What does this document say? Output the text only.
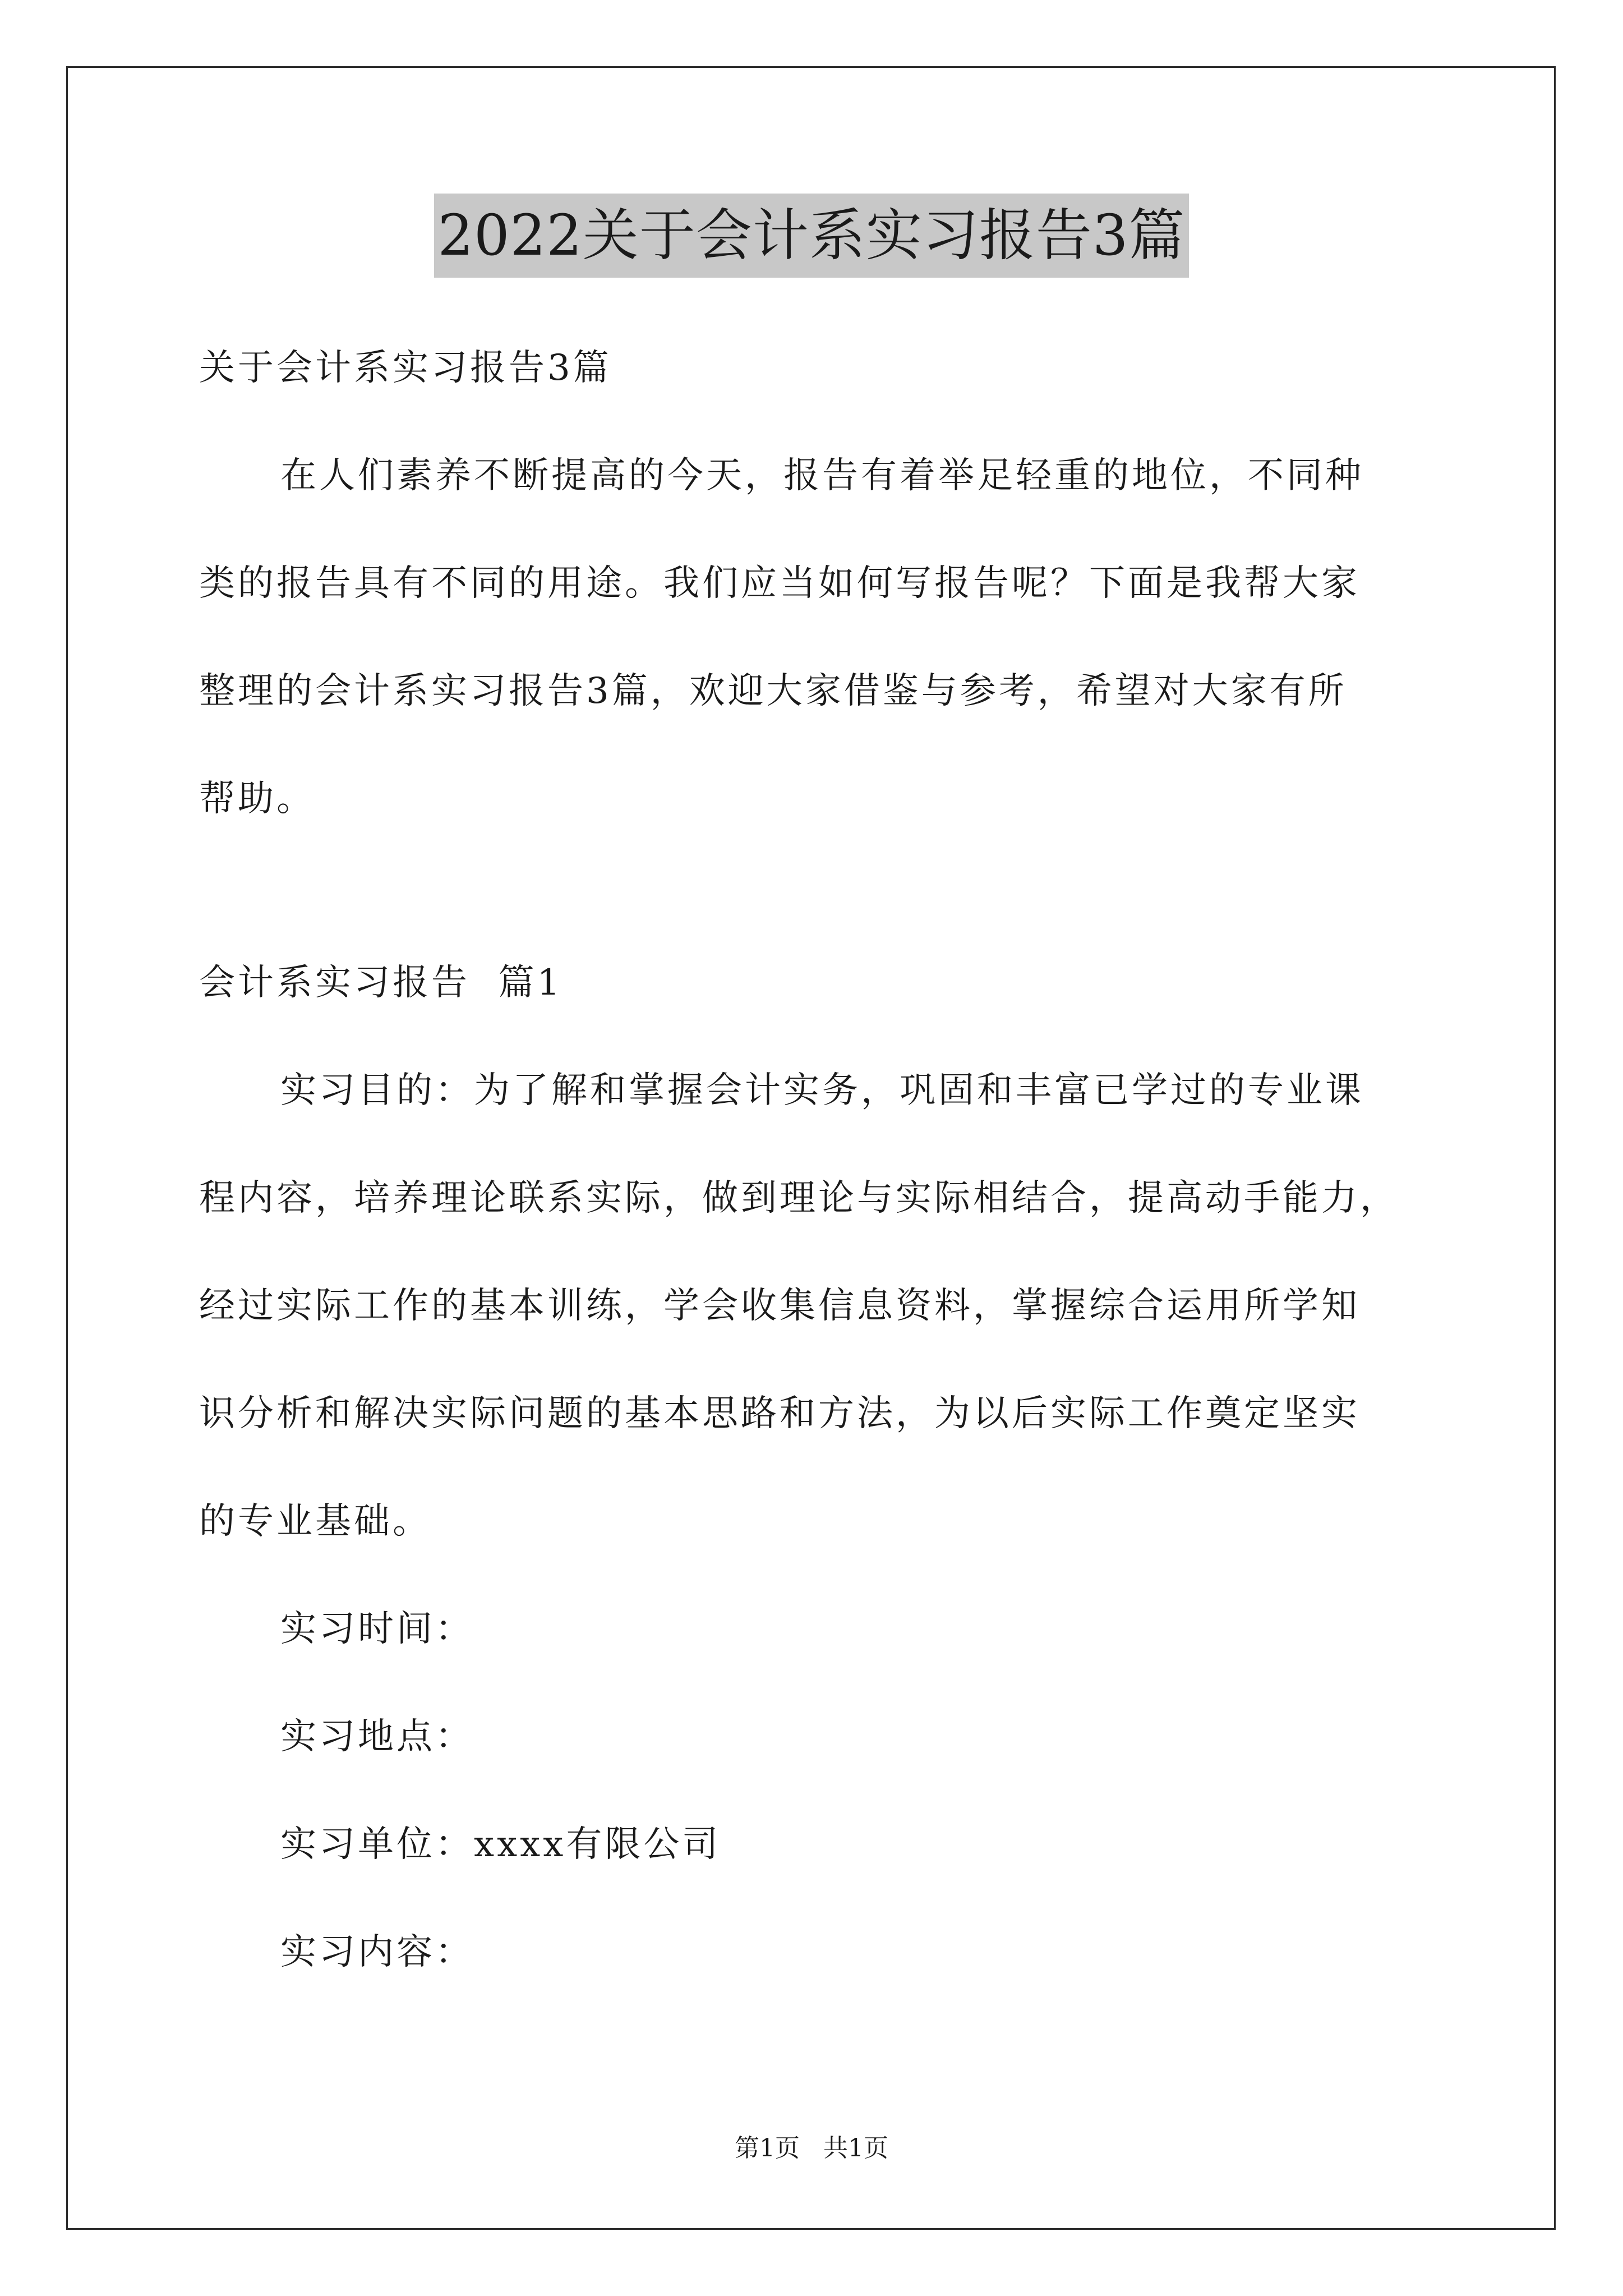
2022关于会计系实习报告3篇
关于会计系实习报告3篇
在人们素养不断提高的今天，报告有着举足轻重的地位，不同种
类的报告具有不同的用途。我们应当如何写报告呢？下面是我帮大家
整理的会计系实习报告3篇，欢迎大家借鉴与参考，希望对大家有所
帮助。
会计系实习报告  篇1
实习目的：为了解和掌握会计实务，巩固和丰富已学过的专业课
程内容，培养理论联系实际，做到理论与实际相结合，提高动手能力，
经过实际工作的基本训练，学会收集信息资料，掌握综合运用所学知
识分析和解决实际问题的基本思路和方法，为以后实际工作奠定坚实
的专业基础。
实习时间：
实习地点：
实习单位：xxxx有限公司
实习内容：
第1页   共1页
